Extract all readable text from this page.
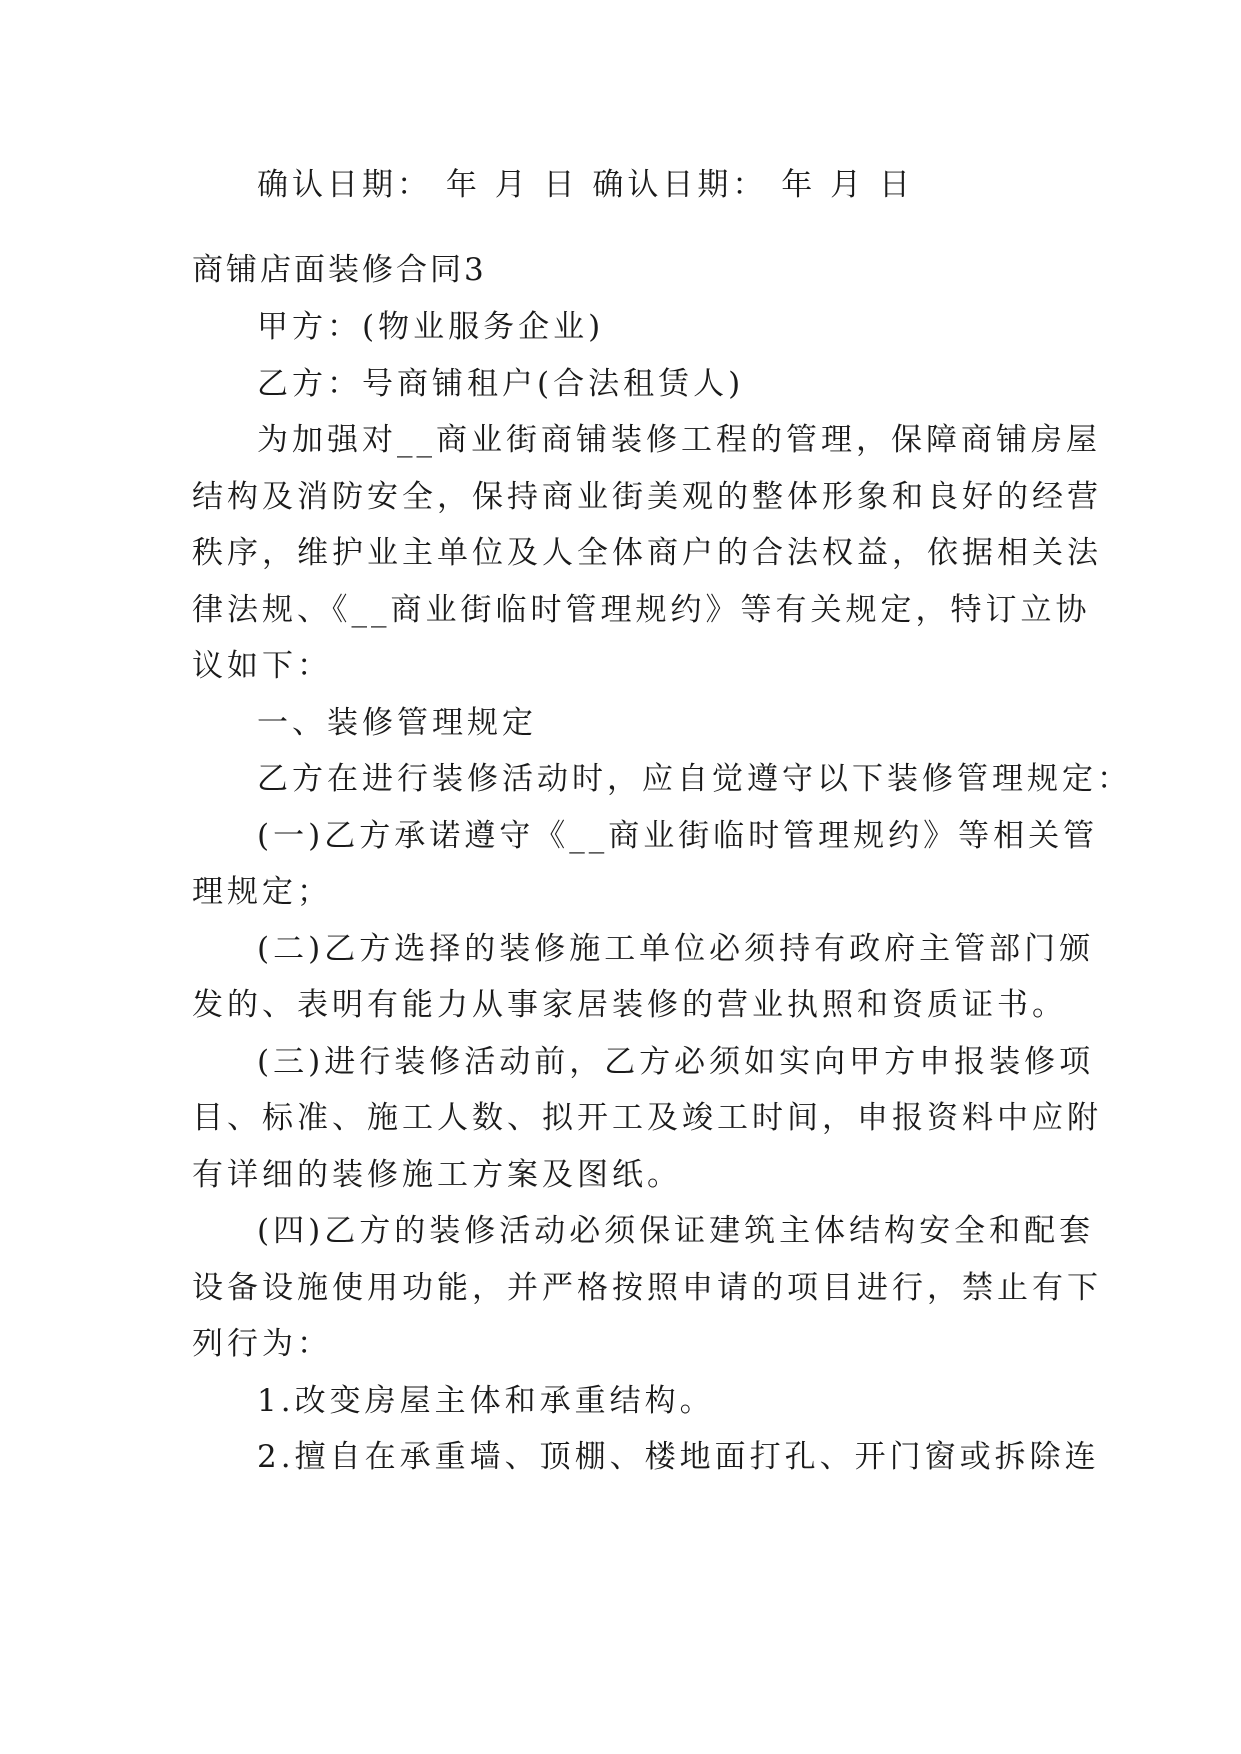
确认日期： 年 月 日 确认日期： 年 月 日
商铺店面装修合同3
甲方：(物业服务企业)
乙方：号商铺租户(合法租赁人)
为加强对__商业街商铺装修工程的管理，保障商铺房屋
结构及消防安全，保持商业街美观的整体形象和良好的经营
秩序，维护业主单位及人全体商户的合法权益，依据相关法
律法规、《__商业街临时管理规约》等有关规定，特订立协
议如下：
一、装修管理规定
乙方在进行装修活动时，应自觉遵守以下装修管理规定：
(一)乙方承诺遵守《__商业街临时管理规约》等相关管
理规定；
(二)乙方选择的装修施工单位必须持有政府主管部门颁
发的、表明有能力从事家居装修的营业执照和资质证书。
(三)进行装修活动前，乙方必须如实向甲方申报装修项
目、标准、施工人数、拟开工及竣工时间，申报资料中应附
有详细的装修施工方案及图纸。
(四)乙方的装修活动必须保证建筑主体结构安全和配套
设备设施使用功能，并严格按照申请的项目进行，禁止有下
列行为：
1.改变房屋主体和承重结构。
2.擅自在承重墙、顶棚、楼地面打孔、开门窗或拆除连
